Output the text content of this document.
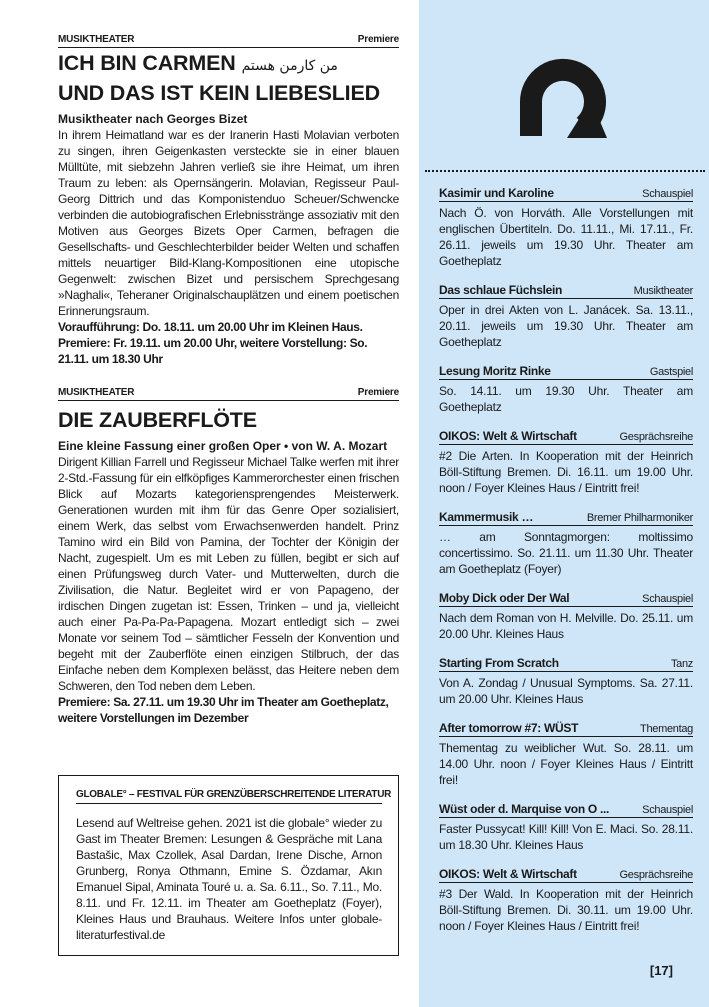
MUSIKTHEATER	Premiere
ICH BIN CARMEN من کارمن هستم
UND DAS IST KEIN LIEBESLIED
Musiktheater nach Georges Bizet

In ihrem Heimatland war es der Iranerin Hasti Molavian verboten zu singen, ihren Geigenkasten versteckte sie in einer blauen Mülltüte, mit siebzehn Jahren verließ sie ihre Heimat, um ihren Traum zu leben: als Opernsängerin. Molavian, Regisseur Paul-Georg Dittrich und das Komponistenduo Scheuer/Schwencke verbinden die autobiografischen Erlebnisstränge assoziativ mit den Motiven aus Georges Bizets Oper Carmen, befragen die Gesellschafts- und Geschlechterbilder beider Welten und schaffen mittels neuartiger Bild-Klang-Kompositionen eine utopische Gegenwelt: zwischen Bizet und persischem Sprechgesang »Naghali«, Teheraner Originalschauplätzen und einem poetischen Erinnerungsraum.

Voraufführung: Do. 18.11. um 20.00 Uhr im Kleinen Haus.

Premiere: Fr. 19.11. um 20.00 Uhr, weitere Vorstellung: So. 21.11. um 18.30 Uhr

MUSIKTHEATER	Premiere
DIE ZAUBERFLÖTE
Eine kleine Fassung einer großen Oper • von W. A. Mozart

Dirigent Killian Farrell und Regisseur Michael Talke werfen mit ihrer 2-Std.-Fassung für ein elfköpfiges Kammerorchester einen frischen Blick auf Mozarts kategoriensprengendes Meisterwerk. Generationen wurden mit ihm für das Genre Oper sozialisiert, einem Werk, das selbst vom Erwachsenwerden handelt. Prinz Tamino wird ein Bild von Pamina, der Tochter der Königin der Nacht, zugespielt. Um es mit Leben zu füllen, begibt er sich auf einen Prüfungsweg durch Vater- und Mutterwelten, durch die Zivilisation, die Natur. Begleitet wird er von Papageno, der irdischen Dingen zugetan ist: Essen, Trinken – und ja, vielleicht auch einer Pa-Pa-Pa-Papagena. Mozart entledigt sich – zwei Monate vor seinem Tod – sämtlicher Fesseln der Konvention und begeht mit der Zauberflöte einen einzigen Stilbruch, der das Einfache neben dem Komplexen belässt, das Heitere neben dem Schweren, den Tod neben dem Leben.

Premiere: Sa. 27.11. um 19.30 Uhr im Theater am Goetheplatz, weitere Vorstellungen im Dezember

GLOBALE° – FESTIVAL FÜR GRENZÜBERSCHREITENDE LITERATUR

Lesend auf Weltreise gehen. 2021 ist die globale° wieder zu Gast im Theater Bremen: Lesungen & Gespräche mit Lana Bastašic, Max Czollek, Asal Dardan, Irene Dische, Arnon Grunberg, Ronya Othmann, Emine S. Özdamar, Akın Emanuel Sipal, Aminata Touré u. a. Sa. 6.11., So. 7.11., Mo. 8.11. und Fr. 12.11. im Theater am Goetheplatz (Foyer), Kleines Haus und Brauhaus. Weitere Infos unter globale-literaturfestival.de

Kasimir und Karoline	Schauspiel

Nach Ö. von Horváth. Alle Vorstellungen mit englischen Übertiteln. Do. 11.11., Mi. 17.11., Fr. 26.11. jeweils um 19.30 Uhr. Theater am Goetheplatz

Das schlaue Füchslein	Musiktheater

Oper in drei Akten von L. Janácek. Sa. 13.11., 20.11. jeweils um 19.30 Uhr. Theater am Goetheplatz

Lesung Moritz Rinke	Gastspiel

So. 14.11. um 19.30 Uhr. Theater am Goetheplatz

OIKOS: Welt & Wirtschaft	Gesprächsreihe

#2 Die Arten. In Kooperation mit der Heinrich Böll-Stiftung Bremen. Di. 16.11. um 19.00 Uhr. noon / Foyer Kleines Haus / Eintritt frei!

Kammermusik …	Bremer Philharmoniker

… am Sonntagmorgen: moltissimo concertissimo. So. 21.11. um 11.30 Uhr. Theater am Goetheplatz (Foyer)

Moby Dick oder Der Wal	Schauspiel

Nach dem Roman von H. Melville. Do. 25.11. um 20.00 Uhr. Kleines Haus

Starting From Scratch	Tanz

Von A. Zondag / Unusual Symptoms. Sa. 27.11. um 20.00 Uhr. Kleines Haus

After tomorrow #7: WÜST	Thementag

Thementag zu weiblicher Wut. So. 28.11. um 14.00 Uhr. noon / Foyer Kleines Haus / Eintritt frei!

Wüst oder d. Marquise von O ...	Schauspiel

Faster Pussycat! Kill! Kill! Von E. Maci. So. 28.11. um 18.30 Uhr. Kleines Haus

OIKOS: Welt & Wirtschaft	Gesprächsreihe

#3 Der Wald. In Kooperation mit der Heinrich Böll-Stiftung Bremen. Di. 30.11. um 19.00 Uhr. noon / Foyer Kleines Haus / Eintritt frei!

[17]
